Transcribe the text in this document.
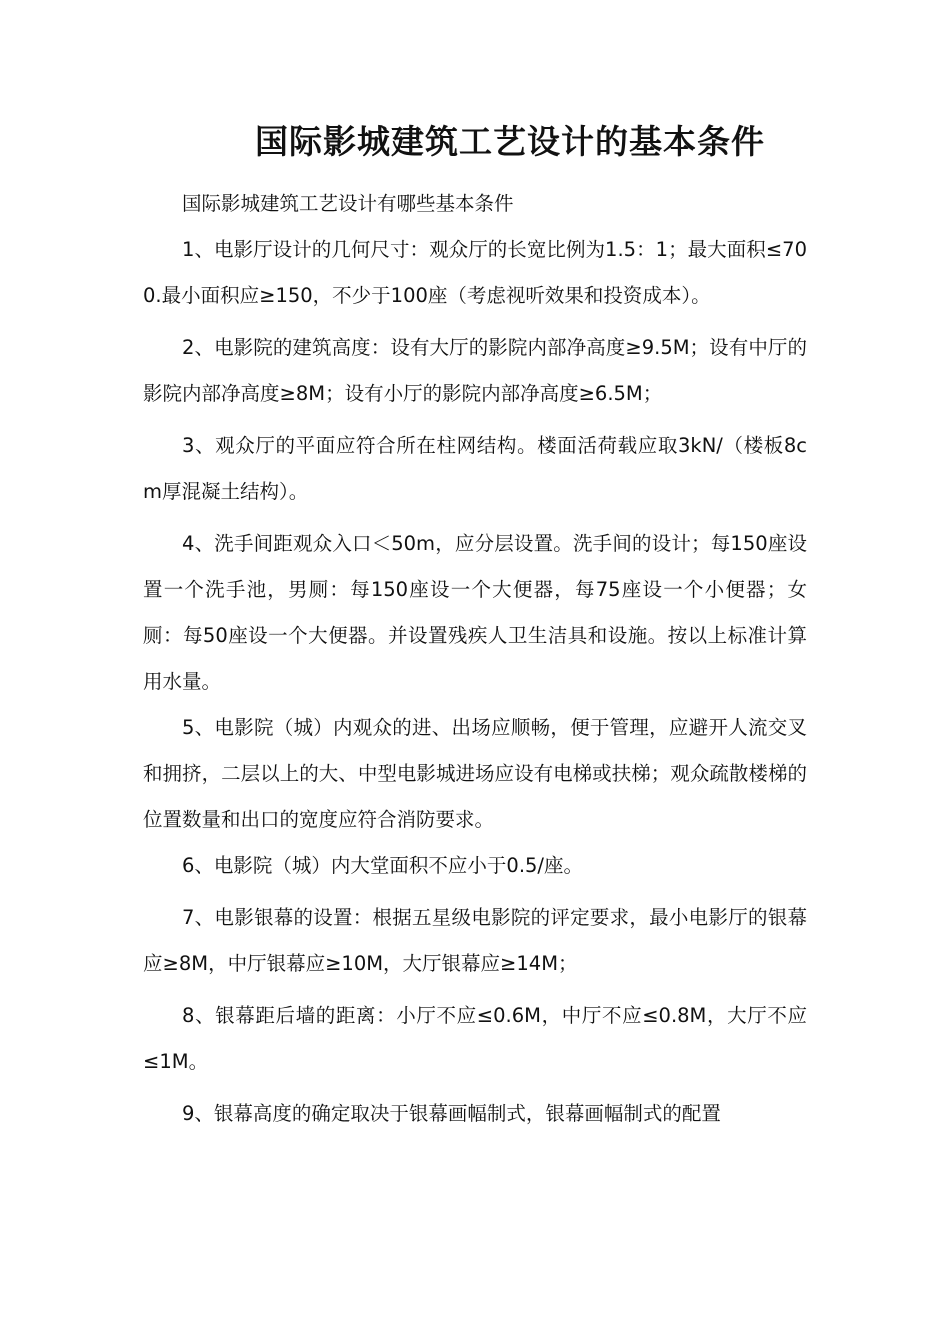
国际影城建筑工艺设计的基本条件

国际影城建筑工艺设计有哪些基本条件

1、电影厅设计的几何尺寸：观众厅的长宽比例为1.5：1；最大面积≤700.最小面积应≥150，不少于100座（考虑视听效果和投资成本）。

2、电影院的建筑高度：设有大厅的影院内部净高度≥9.5M；设有中厅的影院内部净高度≥8M；设有小厅的影院内部净高度≥6.5M；

3、观众厅的平面应符合所在柱网结构。楼面活荷载应取3kN/（楼板8cm厚混凝土结构）。

4、洗手间距观众入口＜50m，应分层设置。洗手间的设计；每150座设置一个洗手池，男厕：每150座设一个大便器，每75座设一个小便器；女厕：每50座设一个大便器。并设置残疾人卫生洁具和设施。按以上标准计算用水量。

5、电影院（城）内观众的进、出场应顺畅，便于管理，应避开人流交叉和拥挤，二层以上的大、中型电影城进场应设有电梯或扶梯；观众疏散楼梯的位置数量和出口的宽度应符合消防要求。

6、电影院（城）内大堂面积不应小于0.5/座。

7、电影银幕的设置：根据五星级电影院的评定要求，最小电影厅的银幕应≥8M，中厅银幕应≥10M，大厅银幕应≥14M；

8、银幕距后墙的距离：小厅不应≤0.6M，中厅不应≤0.8M，大厅不应≤1M。

9、银幕高度的确定取决于银幕画幅制式，银幕画幅制式的配置
